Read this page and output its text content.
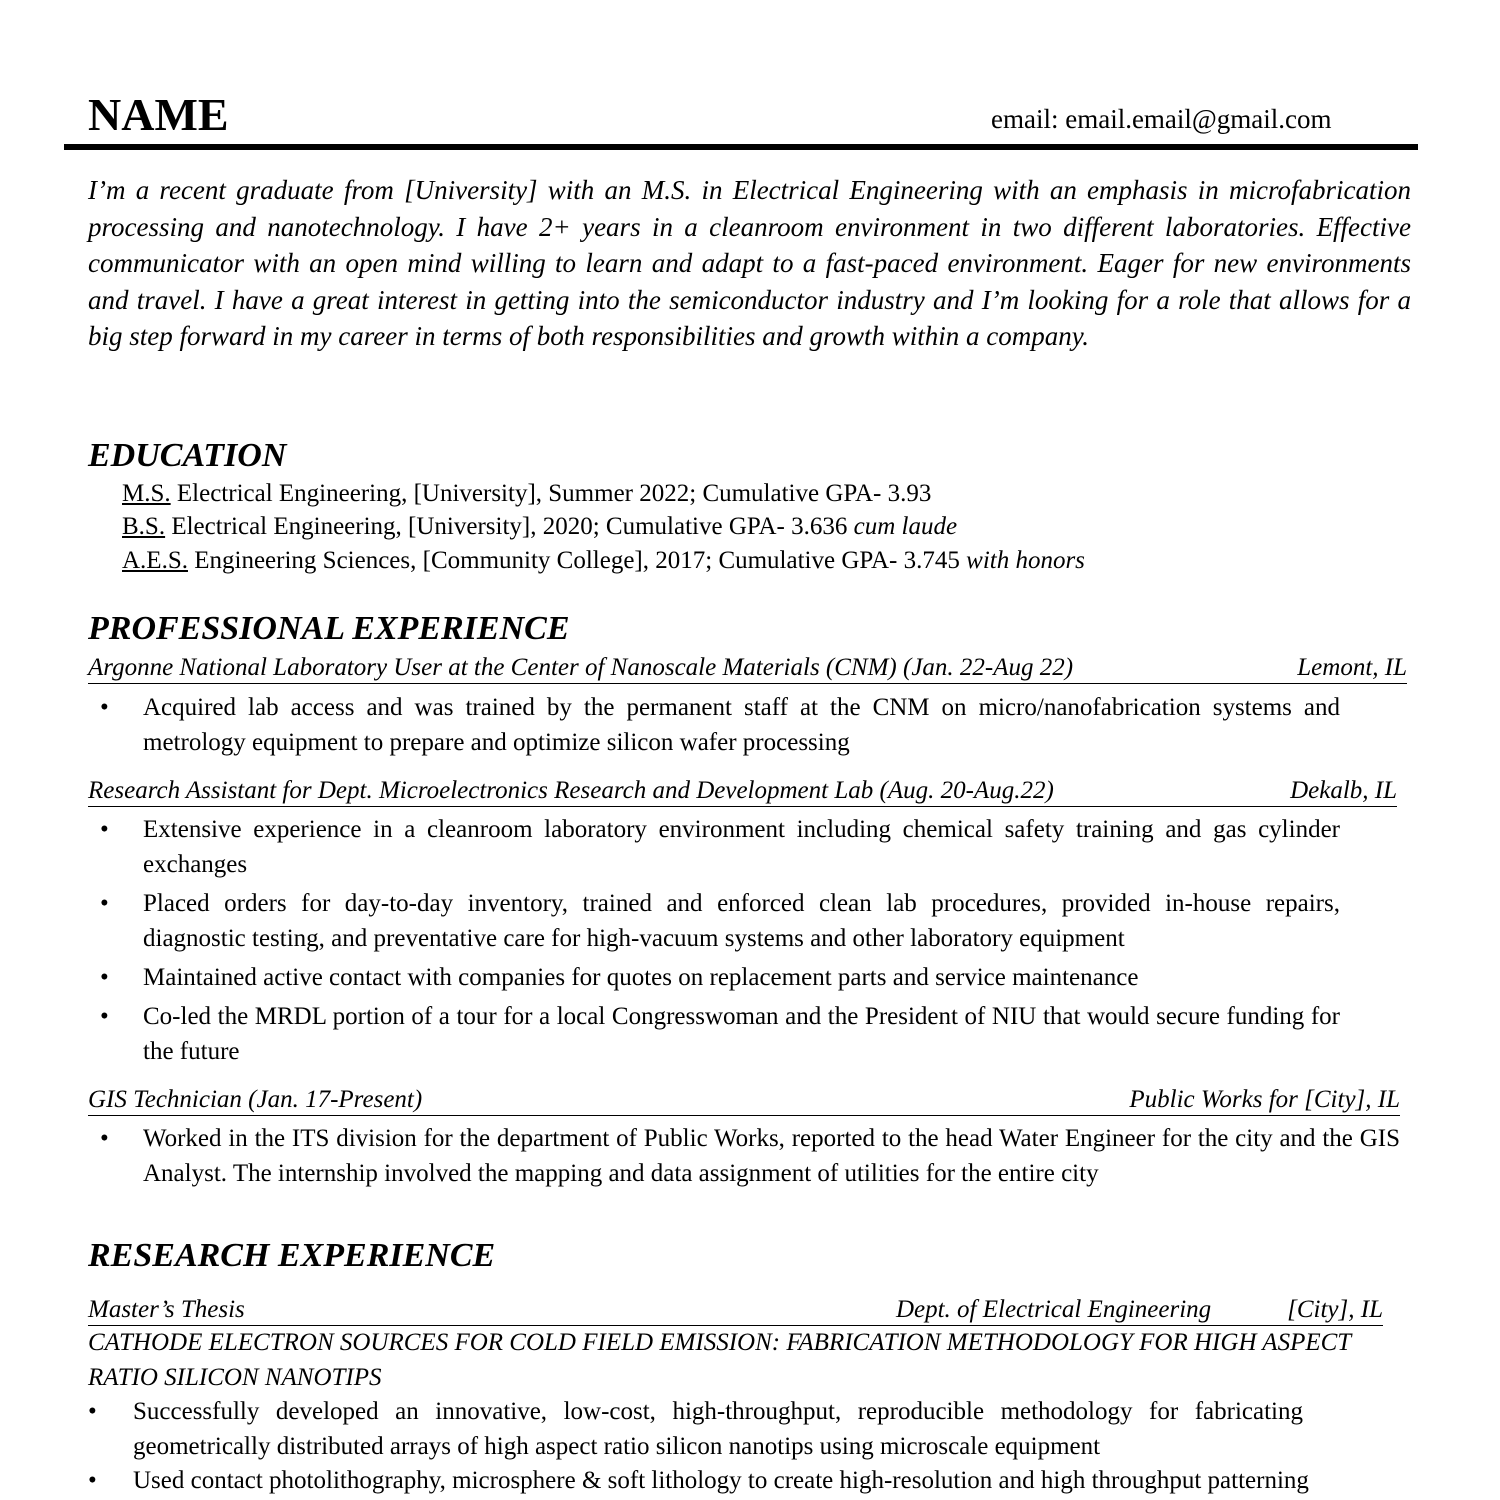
NAME	email: email.email@gmail.com
I’m a recent graduate from [University] with an M.S. in Electrical Engineering with an emphasis in microfabrication processing and nanotechnology. I have 2+ years in a cleanroom environment in two different laboratories. Effective communicator with an open mind willing to learn and adapt to a fast-paced environment. Eager for new environments and travel. I have a great interest in getting into the semiconductor industry and I’m looking for a role that allows for a big step forward in my career in terms of both responsibilities and growth within a company.
EDUCATION
M.S. Electrical Engineering, [University], Summer 2022; Cumulative GPA- 3.93
B.S. Electrical Engineering, [University], 2020; Cumulative GPA- 3.636 cum laude
A.E.S. Engineering Sciences, [Community College], 2017; Cumulative GPA- 3.745 with honors
PROFESSIONAL EXPERIENCE
Argonne National Laboratory User at the Center of Nanoscale Materials (CNM) (Jan. 22-Aug 22)	Lemont, IL
• Acquired lab access and was trained by the permanent staff at the CNM on micro/nanofabrication systems and metrology equipment to prepare and optimize silicon wafer processing
Research Assistant for Dept. Microelectronics Research and Development Lab (Aug. 20-Aug.22)	Dekalb, IL
• Extensive experience in a cleanroom laboratory environment including chemical safety training and gas cylinder exchanges
• Placed orders for day-to-day inventory, trained and enforced clean lab procedures, provided in-house repairs, diagnostic testing, and preventative care for high-vacuum systems and other laboratory equipment
• Maintained active contact with companies for quotes on replacement parts and service maintenance
• Co-led the MRDL portion of a tour for a local Congresswoman and the President of NIU that would secure funding for the future
GIS Technician (Jan. 17-Present)	Public Works for [City], IL
• Worked in the ITS division for the department of Public Works, reported to the head Water Engineer for the city and the GIS Analyst. The internship involved the mapping and data assignment of utilities for the entire city
RESEARCH EXPERIENCE
Master’s Thesis	Dept. of Electrical Engineering	[City], IL
CATHODE ELECTRON SOURCES FOR COLD FIELD EMISSION: FABRICATION METHODOLOGY FOR HIGH ASPECT RATIO SILICON NANOTIPS
• Successfully developed an innovative, low-cost, high-throughput, reproducible methodology for fabricating geometrically distributed arrays of high aspect ratio silicon nanotips using microscale equipment
• Used contact photolithography, microsphere & soft lithology to create high-resolution and high throughput patterning
